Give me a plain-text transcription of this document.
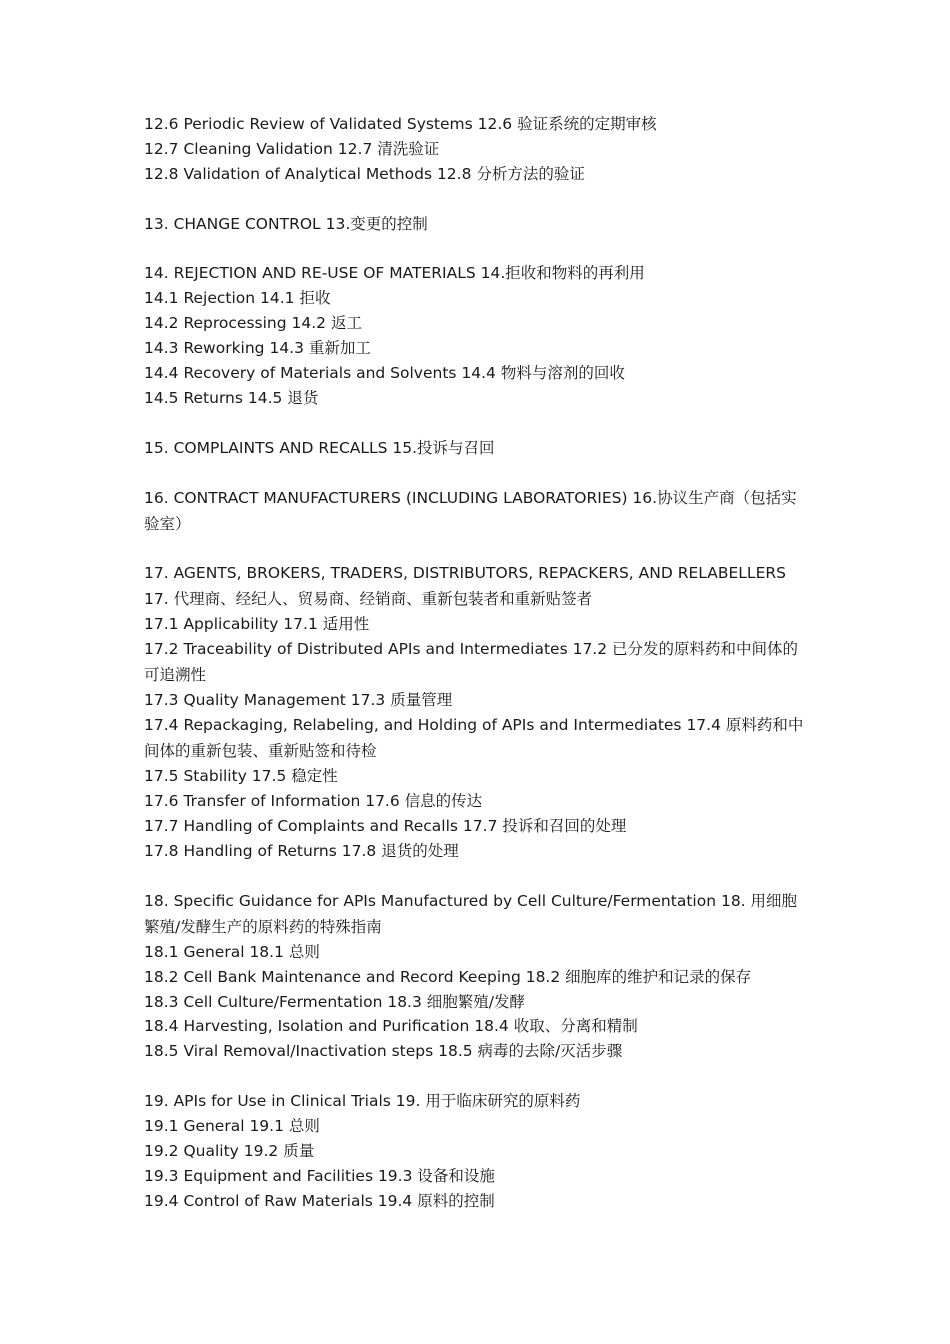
12.6 Periodic Review of Validated Systems 12.6 验证系统的定期审核
12.7 Cleaning Validation 12.7 清洗验证
12.8 Validation of Analytical Methods 12.8 分析方法的验证
13. CHANGE CONTROL 13.变更的控制
14. REJECTION AND RE-USE OF MATERIALS 14.拒收和物料的再利用
14.1 Rejection 14.1 拒收
14.2 Reprocessing 14.2 返工
14.3 Reworking 14.3 重新加工
14.4 Recovery of Materials and Solvents 14.4 物料与溶剂的回收
14.5 Returns 14.5 退货
15. COMPLAINTS AND RECALLS 15.投诉与召回
16. CONTRACT MANUFACTURERS (INCLUDING LABORATORIES) 16.协议生产商（包括实验室）
17. AGENTS, BROKERS, TRADERS, DISTRIBUTORS, REPACKERS, AND RELABELLERS 17. 代理商、经纪人、贸易商、经销商、重新包装者和重新贴签者
17.1 Applicability 17.1 适用性
17.2 Traceability of Distributed APIs and Intermediates 17.2 已分发的原料药和中间体的可追溯性
17.3 Quality Management 17.3 质量管理
17.4 Repackaging, Relabeling, and Holding of APIs and Intermediates 17.4 原料药和中间体的重新包装、重新贴签和待检
17.5 Stability 17.5 稳定性
17.6 Transfer of Information 17.6 信息的传达
17.7 Handling of Complaints and Recalls 17.7 投诉和召回的处理
17.8 Handling of Returns 17.8 退货的处理
18. Specific Guidance for APIs Manufactured by Cell Culture/Fermentation 18. 用细胞繁殖/发酵生产的原料药的特殊指南
18.1 General 18.1 总则
18.2 Cell Bank Maintenance and Record Keeping 18.2 细胞库的维护和记录的保存
18.3 Cell Culture/Fermentation 18.3 细胞繁殖/发酵
18.4 Harvesting, Isolation and Purification 18.4 收取、分离和精制
18.5 Viral Removal/Inactivation steps 18.5 病毒的去除/灭活步骤
19. APIs for Use in Clinical Trials 19. 用于临床研究的原料药
19.1 General 19.1 总则
19.2 Quality 19.2 质量
19.3 Equipment and Facilities 19.3 设备和设施
19.4 Control of Raw Materials 19.4 原料的控制
